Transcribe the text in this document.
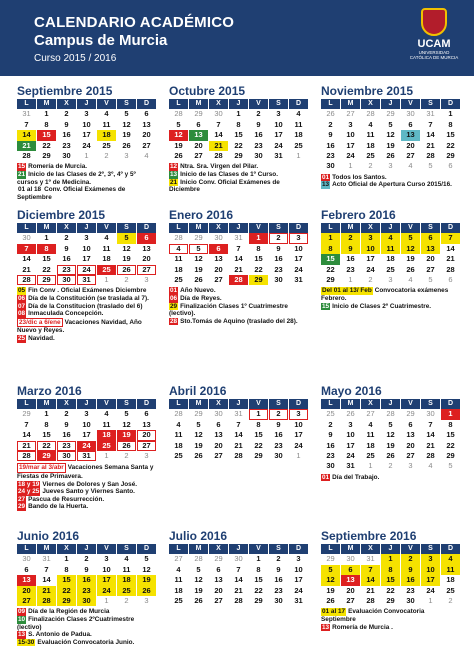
CALENDARIO ACADÉMICO
Campus de Murcia
Curso 2015 / 2016
UCAM
UNIVERSIDAD CATÓLICA DE MURCIA
Septiembre 2015
L	M	X	J	V	S	D
31	1	2	3	4	5	6
7	8	9	10	11	12	13
14	15	16	17	18	19	20
21	22	23	24	25	26	27
28	29	30	1	2	3	4
15 Romería de Murcia.
21 Inicio de las Clases de 2º, 3º, 4º y 5º cursos y 1º de Medicina.
01 al 18 Conv. Oficial Exámenes de Septiembre
Octubre 2015
L	M	X	J	V	S	D
28	29	30	1	2	3	4
5	6	7	8	9	10	11
12	13	14	15	16	17	18
19	20	21	22	23	24	25
26	27	28	29	30	31	1
12 Ntra. Sra. Virgen del Pilar.
13 Inicio de las Clases de 1º Curso.
21 Inicio Conv. Oficial Exámenes de Diciembre
Noviembre 2015
L	M	X	J	V	S	D
26	27	28	29	30	31	1
2	3	4	5	6	7	8
9	10	11	12	13	14	15
16	17	18	19	20	21	22
23	24	25	26	27	28	29
30	1	2	3	4	5	6
01 Todos los Santos.
13 Acto Oficial de Apertura Curso 2015/16.
Diciembre 2015
L	M	X	J	V	S	D
30	1	2	3	4	5	6
7	8	9	10	11	12	13
14	15	16	17	18	19	20
21	22	23	24	25	26	27
28	29	30	31	1	2	3
05 Fin Conv . Oficial Exámenes Diciembre
06 Día de la Constitución (se traslada al 7).
07 Día de la Constitucion (traslado del 6)
08 Inmaculada Concepción.
23/dic a 6/ene Vacaciones Navidad, Año Nuevo y Reyes.
25 Navidad.
Enero 2016
L	M	X	J	V	S	D
28	29	30	31	1	2	3
4	5	6	7	8	9	10
11	12	13	14	15	16	17
18	19	20	21	22	23	24
25	26	27	28	29	30	31
01 Año Nuevo.
06 Día de Reyes.
29 Finalización Clases 1º Cuatrimestre (lectivo).
28 Sto.Tomás de Aquino (traslado del 28).
Febrero 2016
L	M	X	J	V	S	D
1	2	3	4	5	6	7
8	9	10	11	12	13	14
15	16	17	18	19	20	21
22	23	24	25	26	27	28
29	1	2	3	4	5	6
Del 01 al 13/ Feb Convocatoria exámenes Febrero.
15 Inicio de Clases 2º Cuatrimestre.
Marzo 2016
L	M	X	J	V	S	D
29	1	2	3	4	5	6
7	8	9	10	11	12	13
14	15	16	17	18	19	20
21	22	23	24	25	26	27
28	29	30	31	1	2	3
19/mar al 3/abr Vacaciones Semana Santa y Fiestas de Primavera.
18 y 19 Viernes de Dolores y San José.
24 y 25 Jueves Santo y Viernes Santo.
27 Pascua de Resurrección.
29 Bando de la Huerta.
Abril 2016
L	M	X	J	V	S	D
28	29	30	31	1	2	3
4	5	6	7	8	9	10
11	12	13	14	15	16	17
18	19	20	21	22	23	24
25	26	27	28	29	30	1
Mayo 2016
L	M	X	J	V	S	D
25	26	27	28	29	30	1
2	3	4	5	6	7	8
9	10	11	12	13	14	15
16	17	18	19	20	21	22
23	24	25	26	27	28	29
30	31	1	2	3	4	5
01 Día del Trabajo.
Junio 2016
L	M	X	J	V	S	D
30	31	1	2	3	4	5
6	7	8	9	10	11	12
13	14	15	16	17	18	19
20	21	22	23	24	25	26
27	28	29	30	1	2	3
09 Día de la Región de Murcia
10 Finalización Clases 2ºCuatrimestre (lectivo)
13 S. Antonio de Padua.
15-30 Evaluación Convocatoria Junio.
Julio 2016
L	M	X	J	V	S	D
27	28	29	30	1	2	3
4	5	6	7	8	9	10
11	12	13	14	15	16	17
18	19	20	21	22	23	24
25	26	27	28	29	30	31
Septiembre 2016
L	M	X	J	V	S	D
29	30	31	1	2	3	4
5	6	7	8	9	10	11
12	13	14	15	16	17	18
19	20	21	22	23	24	25
26	27	28	29	30	1	2
01 al 17 Evaluación Convocatoria Septiembre
13 Romería de Murcia .
